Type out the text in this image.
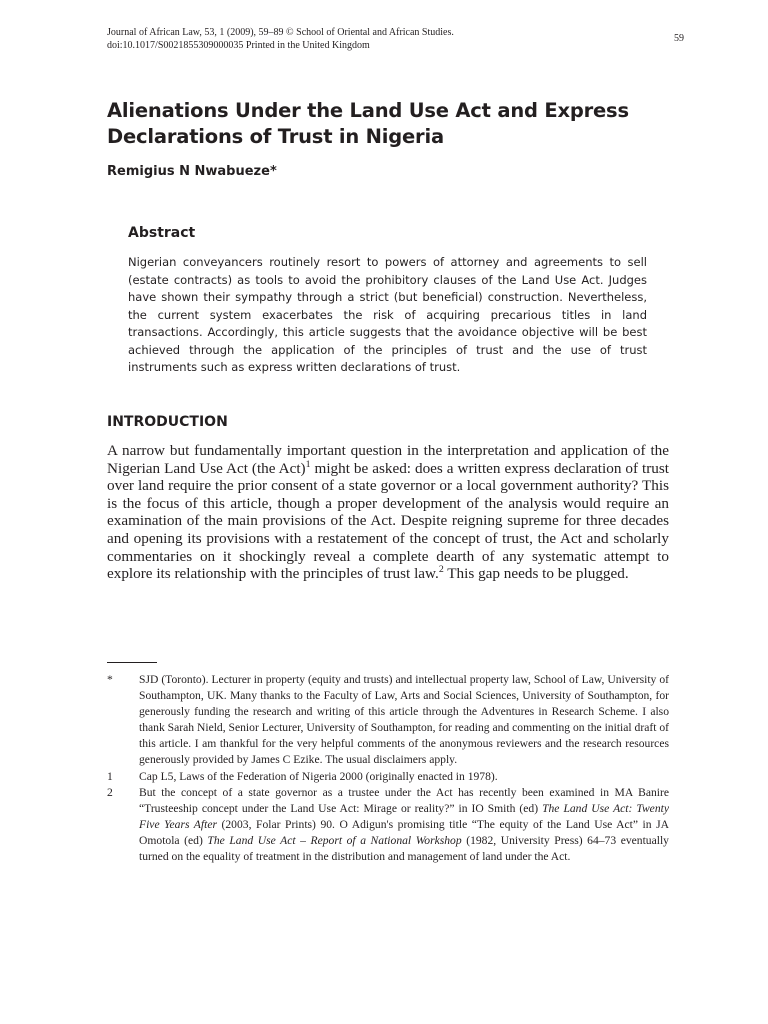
Journal of African Law, 53, 1 (2009), 59–89 © School of Oriental and African Studies.
doi:10.1017/S0021855309000035 Printed in the United Kingdom
59
Alienations Under the Land Use Act and Express Declarations of Trust in Nigeria

Remigius N Nwabueze*

Abstract

Nigerian conveyancers routinely resort to powers of attorney and agreements to sell (estate contracts) as tools to avoid the prohibitory clauses of the Land Use Act. Judges have shown their sympathy through a strict (but beneficial) construction. Nevertheless, the current system exacerbates the risk of acquiring precarious titles in land transactions. Accordingly, this article suggests that the avoidance objective will be best achieved through the application of the principles of trust and the use of trust instruments such as express written declarations of trust.

INTRODUCTION

A narrow but fundamentally important question in the interpretation and application of the Nigerian Land Use Act (the Act)$^1$ might be asked: does a written express declaration of trust over land require the prior consent of a state governor or a local government authority? This is the focus of this article, though a proper development of the analysis would require an examination of the main provisions of the Act. Despite reigning supreme for three decades and opening its provisions with a restatement of the concept of trust, the Act and scholarly commentaries on it shockingly reveal a complete dearth of any systematic attempt to explore its relationship with the principles of trust law.$^2$ This gap needs to be plugged.

* SJD (Toronto). Lecturer in property (equity and trusts) and intellectual property law, School of Law, University of Southampton, UK. Many thanks to the Faculty of Law, Arts and Social Sciences, University of Southampton, for generously funding the research and writing of this article through the Adventures in Research Scheme. I also thank Sarah Nield, Senior Lecturer, University of Southampton, for reading and commenting on the initial draft of this article. I am thankful for the very helpful comments of the anonymous reviewers and the research resources generously provided by James C Ezike. The usual disclaimers apply.
1 Cap L5, Laws of the Federation of Nigeria 2000 (originally enacted in 1978).
2 But the concept of a state governor as a trustee under the Act has recently been examined in MA Banire “Trusteeship concept under the Land Use Act: Mirage or reality?” in IO Smith (ed) The Land Use Act: Twenty Five Years After (2003, Folar Prints) 90. O Adigun's promising title “The equity of the Land Use Act” in JA Omotola (ed) The Land Use Act – Report of a National Workshop (1982, University Press) 64–73 eventually turned on the equality of treatment in the distribution and management of land under the Act.
